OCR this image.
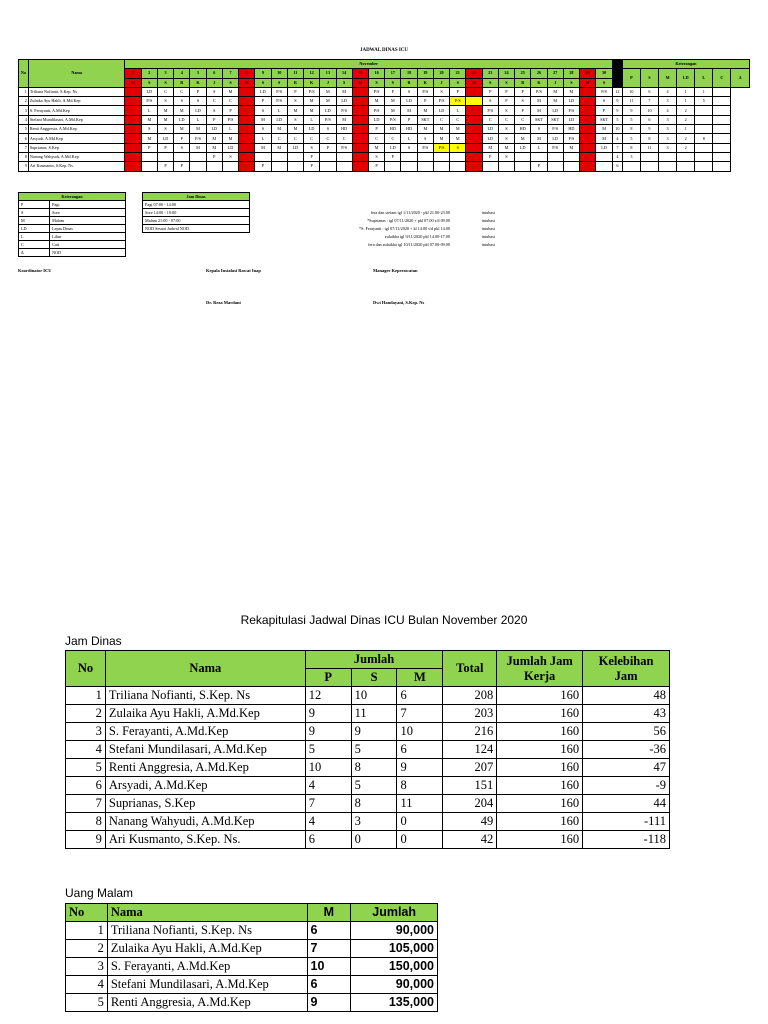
JADWAL DINAS ICU
No	Nama	November																															Keterangan						
		1	2	3	4	5	6	7	8	9	10	11	12	13	14	15	16	17	18	19	20	21	22	23	24	25	26	27	28	29	30		P	S	M	LD	L	C	Δ
		M	S	S	R	K	J	S	M	S	S	R	K	J	S	M	S	S	R	K	J	S	M	S	S	R	K	J	S	M	S								
1	Triliana Nofianti, S.Kep. Ns		LD	C	C	P	S	M		LD	P/S	P	P/S	M	M		P/S	P	S	P/S	S	P		P	P	P	P/S	M	M		P/S	12	10	6	4	1	1		
2	Zulaika Ayu Hakli, A.Md.Kep		P/S	S	S	S	C	C		P	P/S	S	M	M	LD		M	M	LD	P	P/S	P/S		S	P	S	M	M	LD		S	9	11	7	3	1	5		
3	S. Ferayanti, A.Md.Kep		L	M	M	LD	S	P		S	L	M	M	LD	P/S		P/S	M	M	M	LD	L		P/S	S	P	M	LD	P/S		P	9	9	10	4	2			
4	Stefani Mundilasari, A.Md.Kep		M	M	LD	L	P	P/S		M	LD	S	L	P/S	M		LD	P/S	P	SKT	C	C		C	C	C	SKT	SKT	LD		SKT	5	5	6	3	2			
5	Renti Anggresia, A.Md.Kep		S	S	M	M	LD	L		S	M	M	LD	S	HD		P	HD	HD	M	M	M		LD	S	HD	S	P/S	HD		M	10	8	9	3	1			
6	Arsyadi, A.Md.Kep		M	LD	P	P/S	M	M		L	C	C	C	C	C		C	C	L	S	M	M		LD	S	M	M	LD	P/S		M	4	5	8	3	2	8		
7	Suprianas, S.Kep		P	P	S	M	M	LD		M	M	LD	S	P	P/S		M	LD	S	P/S	P/S	S		M	M	LD	L	P/S	M		LD	7	8	11	3	2			
8	Nanang Wahyudi, A.Md.Kep						P	S					P				S	P						P	S							4	3						
9	Ari Kusmanto, S.Kep. Ns.			P	P					P			P				P										P					6							
Keterangan	
P	Pagi
S	Sore
M	Malam
LD	Lepas Dinas
L	Libur
C	Cuti
Δ	NOD
Jam Dinas
Pagi 07:00 - 14:00
Sore 14:00 - 19:00
Malam 21:00 - 07:00
NOD Sesuai Jadwal NOD
fera dan stefani tgl 1/11/2020 - pkl 21.00-23.00	intubasi
*Suprianas : tgl 07/11/2020 + pkl 07.00 s/d 09.00	intubasi
*S. Ferayanti : tgl 07/11/2020 + kl 14.00 s/d pkl 14.00	intubasi
zulaikha tgl 9/11/2020 pkl 14.00-17.00	intubasi
fera dan zulaikha tgl 10/11/2020 pkl 07.00-09.00	intubasi
Koordinator ICU	Kepala Instalasi Rawat Inap	Manager Keperawatan
Dr. Reza Mardani	Dwi Handayani, S.Kep. Ns
Rekapitulasi Jadwal Dinas ICU Bulan November 2020
Jam Dinas
No	Nama	Jumlah			Total	Jumlah Jam Kerja	Kelebihan Jam
		P	S	M			
1	Triliana Nofianti, S.Kep. Ns	12	10	6	208	160	48
2	Zulaika Ayu Hakli, A.Md.Kep	9	11	7	203	160	43
3	S. Ferayanti, A.Md.Kep	9	9	10	216	160	56
4	Stefani Mundilasari, A.Md.Kep	5	5	6	124	160	-36
5	Renti Anggresia, A.Md.Kep	10	8	9	207	160	47
6	Arsyadi, A.Md.Kep	4	5	8	151	160	-9
7	Suprianas, S.Kep	7	8	11	204	160	44
8	Nanang Wahyudi, A.Md.Kep	4	3	0	49	160	-111
9	Ari Kusmanto, S.Kep. Ns.	6	0	0	42	160	-118
Uang Malam
No	Nama	M	Jumlah
1	Triliana Nofianti, S.Kep. Ns	6	90,000
2	Zulaika Ayu Hakli, A.Md.Kep	7	105,000
3	S. Ferayanti, A.Md.Kep	10	150,000
4	Stefani Mundilasari, A.Md.Kep	6	90,000
5	Renti Anggresia, A.Md.Kep	9	135,000
